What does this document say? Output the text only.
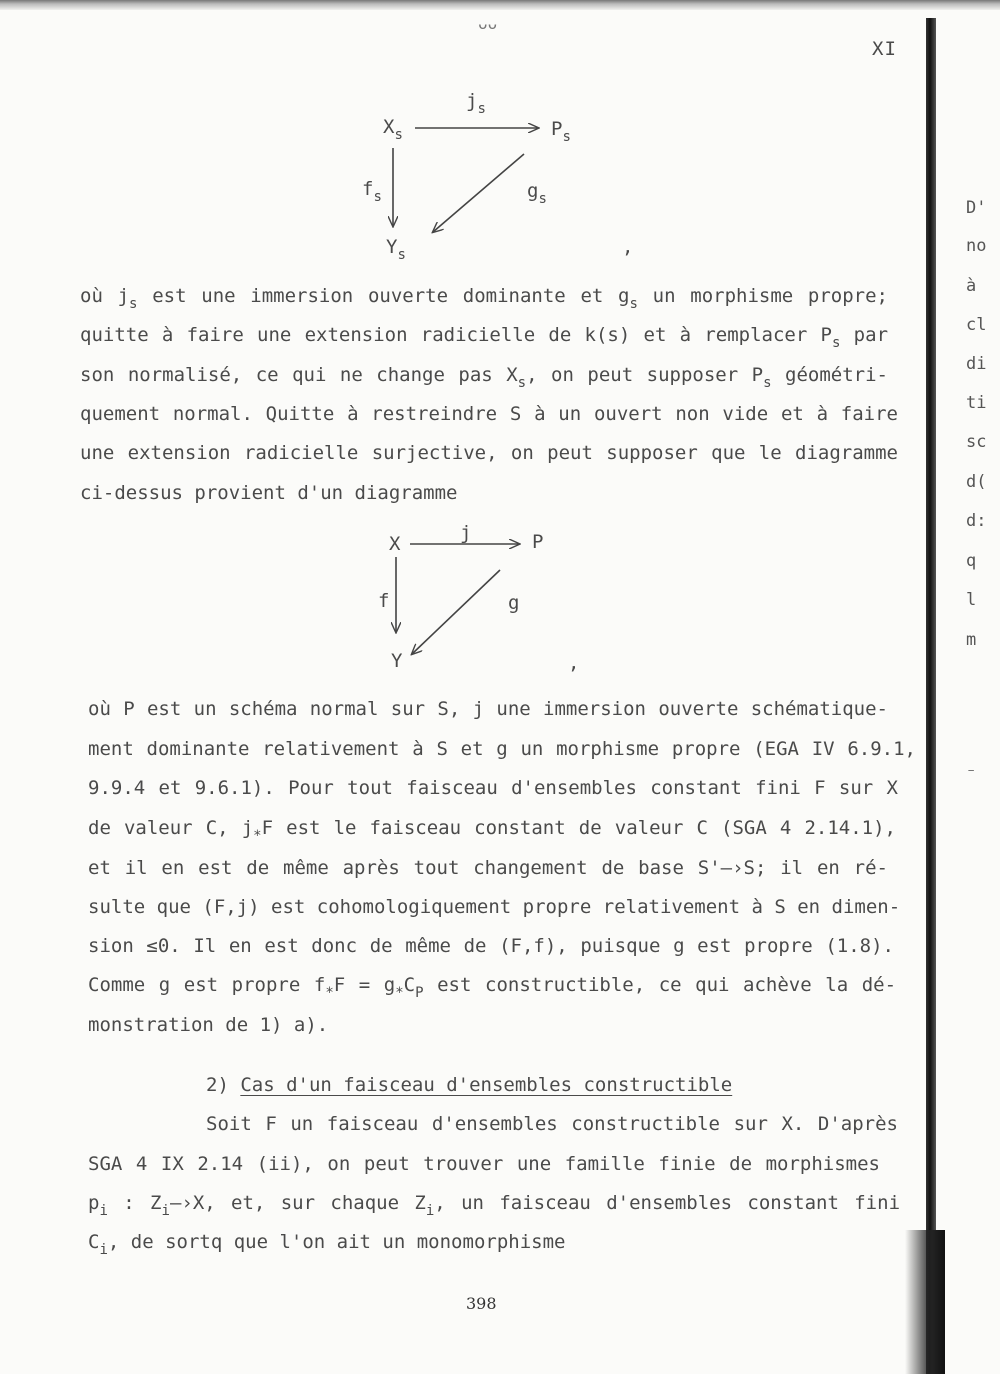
ᴗᴗ
XI
$j_s$
$X_s$	$P_s$
$f_s$	$g_s$
$Y_s$	,
où $j_s$ est une immersion ouverte dominante et $g_s$ un morphisme propre;
quitte à faire une extension radicielle de k(s) et à remplacer $P_s$ par
son normalisé, ce qui ne change pas $X_s$, on peut supposer $P_s$ géométri-
quement normal. Quitte à restreindre S à un ouvert non vide et à faire
une extension radicielle surjective, on peut supposer que le diagramme
ci-dessus provient d'un diagramme
X	j	P
f	g
Y	,
où P est un schéma normal sur S, j une immersion ouverte schématique-
ment dominante relativement à S et g un morphisme propre (EGA IV 6.9.1,
9.9.4 et 9.6.1). Pour tout faisceau d'ensembles constant fini F sur X
de valeur C, $j_*F$ est le faisceau constant de valeur C (SGA 4 2.14.1),
et il en est de même après tout changement de base S'—›S; il en ré-
sulte que (F,j) est cohomologiquement propre relativement à S en dimen-
sion ≤0. Il en est donc de même de (F,f), puisque g est propre (1.8).
Comme g est propre $f_*F = g_*C_P$ est constructible, ce qui achève la dé-
monstration de 1) a).
2) Cas d'un faisceau d'ensembles constructible
Soit F un faisceau d'ensembles constructible sur X. D'après
SGA 4 IX 2.14 (ii), on peut trouver une famille finie de morphismes
$p_i$ : $Z_i—›X$, et, sur chaque $Z_i$, un faisceau d'ensembles constant fini
$C_i$, de sortq que l'on ait un monomorphisme
D'
no
à
cl
di
ti
sc
d(
d:
q
l
m
⁻
398
